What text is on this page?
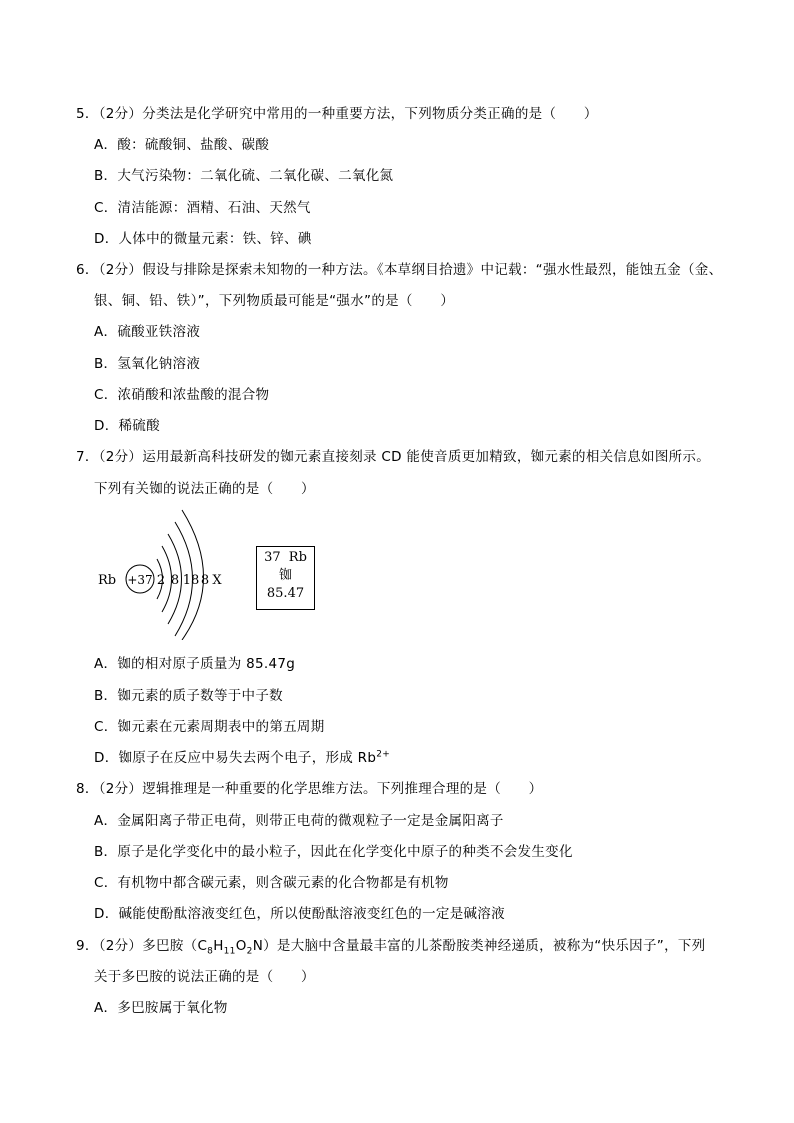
5．（2分）分类法是化学研究中常用的一种重要方法，下列物质分类正确的是（　　）
A．酸：硫酸铜、盐酸、碳酸
B．大气污染物：二氧化硫、二氧化碳、二氧化氮
C．清洁能源：酒精、石油、天然气
D．人体中的微量元素：铁、锌、碘
6．（2分）假设与排除是探索未知物的一种方法。《本草纲目拾遗》中记载：“强水性最烈，能蚀五金（金、
银、铜、铅、铁）”，下列物质最可能是“强水”的是（　　）
A．硫酸亚铁溶液
B．氢氧化钠溶液
C．浓硝酸和浓盐酸的混合物
D．稀硫酸
7．（2分）运用最新高科技研发的铷元素直接刻录 CD 能使音质更加精致，铷元素的相关信息如图所示。
下列有关铷的说法正确的是（　　）
Rb +37 2 8 18 8 X
37 Rb
铷
85.47
A．铷的相对原子质量为 85.47g
B．铷元素的质子数等于中子数
C．铷元素在元素周期表中的第五周期
D．铷原子在反应中易失去两个电子，形成 $Rb^{2+}$
8．（2分）逻辑推理是一种重要的化学思维方法。下列推理合理的是（　　）
A．金属阳离子带正电荷，则带正电荷的微观粒子一定是金属阳离子
B．原子是化学变化中的最小粒子，因此在化学变化中原子的种类不会发生变化
C．有机物中都含碳元素，则含碳元素的化合物都是有机物
D．碱能使酚酞溶液变红色，所以使酚酞溶液变红色的一定是碱溶液
9．（2分）多巴胺$(C_8H_{11}O_2N)$是大脑中含量最丰富的儿茶酚胺类神经递质，被称为“快乐因子”，下列
关于多巴胺的说法正确的是（　　）
A．多巴胺属于氧化物
